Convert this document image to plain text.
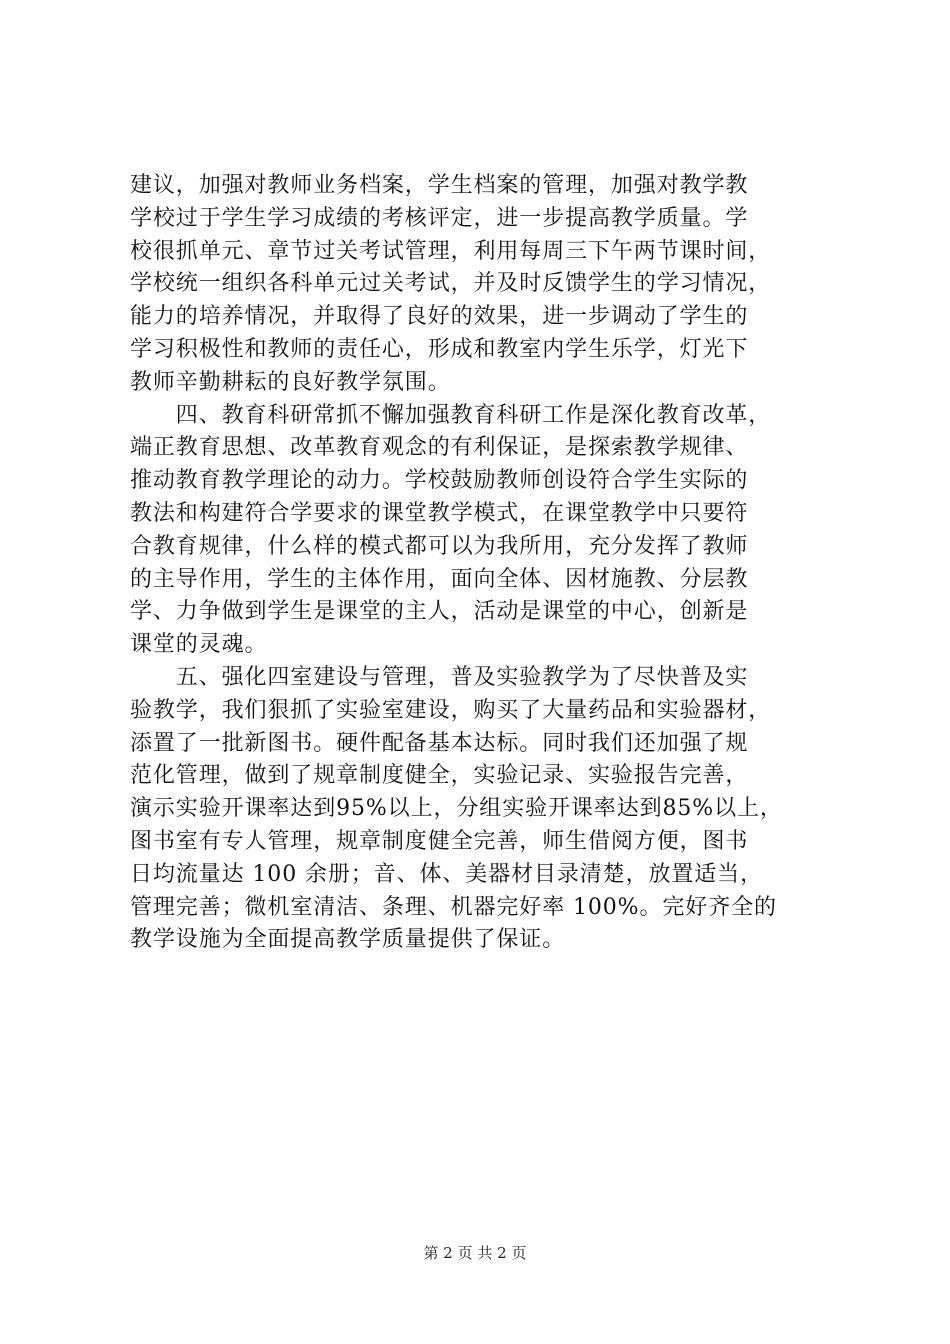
建议，加强对教师业务档案，学生档案的管理，加强对教学教
学校过于学生学习成绩的考核评定，进一步提高教学质量。学
校很抓单元、章节过关考试管理，利用每周三下午两节课时间，
学校统一组织各科单元过关考试，并及时反馈学生的学习情况，
能力的培养情况，并取得了良好的效果，进一步调动了学生的
学习积极性和教师的责任心，形成和教室内学生乐学，灯光下
教师辛勤耕耘的良好教学氛围。
　　四、教育科研常抓不懈加强教育科研工作是深化教育改革，
端正教育思想、改革教育观念的有利保证，是探索教学规律、
推动教育教学理论的动力。学校鼓励教师创设符合学生实际的
教法和构建符合学要求的课堂教学模式，在课堂教学中只要符
合教育规律，什么样的模式都可以为我所用，充分发挥了教师
的主导作用，学生的主体作用，面向全体、因材施教、分层教
学、力争做到学生是课堂的主人，活动是课堂的中心，创新是
课堂的灵魂。
　　五、强化四室建设与管理，普及实验教学为了尽快普及实
验教学，我们狠抓了实验室建设，购买了大量药品和实验器材，
添置了一批新图书。硬件配备基本达标。同时我们还加强了规
范化管理，做到了规章制度健全，实验记录、实验报告完善，
演示实验开课率达到95%以上，分组实验开课率达到85%以上，
图书室有专人管理，规章制度健全完善，师生借阅方便，图书
日均流量达 100 余册；音、体、美器材目录清楚，放置适当，
管理完善；微机室清洁、条理、机器完好率 100%。完好齐全的
教学设施为全面提高教学质量提供了保证。
第 2 页 共 2 页
